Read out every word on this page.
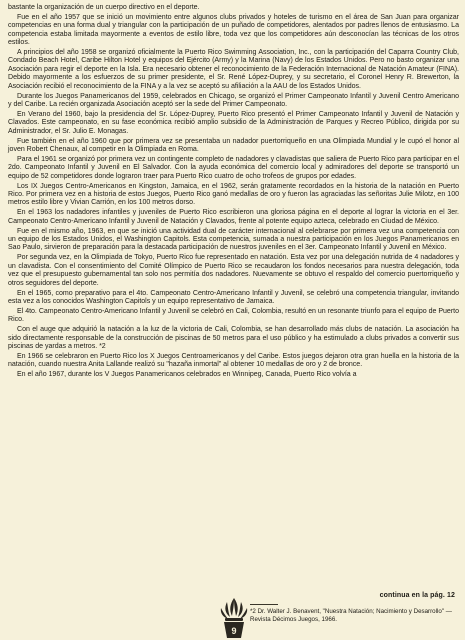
bastante la organización de un cuerpo directivo en el deporte.

Fue en el año 1957 que se inició un movimiento entre algunos clubs privados y hoteles de turismo en el área de San Juan para organizar competencias en una forma dual y triangular con la participación de un puñado de competidores, alentados por padres llenos de entusiasmo. La competencia estaba limitada mayormente a eventos de estilo libre, toda vez que los competidores aún desconocían las técnicas de los otros estilos.

A principios del año 1958 se organizó oficialmente la Puerto Rico Swimming Association, Inc., con la participación del Caparra Country Club, Condado Beach Hotel, Caribe Hilton Hotel y equipos del Ejército (Army) y la Marina (Navy) de los Estados Unidos. Pero no basto organizar una Asociación para regir el deporte en la Isla. Era necesario obtener el reconocimiento de la Federación Internacional de Natación Amateur (FINA). Debido mayormente a los esfuerzos de su primer presidente, el Sr. René López-Duprey, y su secretario, el Coronel Henry R. Brewerton, la Asociación recibió el reconocimiento de la FINA y a la vez se aceptó su afiliación a la AAU de los Estados Unidos.

Durante los Juegos Panamericanos del 1959, celebrados en Chicago, se organizó el Primer Campeonato Infantil y Juvenil Centro Americano y del Caribe. La recién organizada Asociación aceptó ser la sede del Primer Campeonato.

En Verano del 1960, bajo la presidencia del Sr. López-Duprey, Puerto Rico presentó el Primer Campeonato Infantil y Juvenil de Natación y Clavados. Este campeonato, en su fase económica recibió amplio subsidio de la Administración de Parques y Recreo Público, dirigida por su Administrador, el Sr. Julio E. Monagas.

Fue también en el año 1960 que por primera vez se presentaba un nadador puertorriqueño en una Olimpiada Mundial y le cupó el honor al joven Robert Chenaux, al competir en la Olimpiada en Roma.

Para el 1961 se organizó por primera vez un contingente completo de nadadores y clavadistas que saliera de Puerto Rico para participar en el 2do. Campeonato Infantil y Juvenil en El Salvador. Con la ayuda económica del comercio local y admiradores del deporte se transportó un equipo de 52 competidores donde lograron traer para Puerto Rico cuatro de ocho trofeos de grupos por edades.

Los IX Juegos Centro-Americanos en Kingston, Jamaica, en el 1962, serán gratamente recordados en la historia de la natación en Puerto Rico. Por primera vez en a historia de estos Juegos, Puerto Rico ganó medallas de oro y fueron las agraciadas las señoritas Julie Milotz, en 100 metros estilo libre y Vivian Carrión, en los 100 metros dorso.

En el 1963 los nadadores infantiles y juveniles de Puerto Rico escribieron una gloriosa página en el deporte al lograr la victoria en el 3er. Campeonato Centro-Americano Infantil y Juvenil de Natación y Clavados, frente al potente equipo azteca, celebrado en Ciudad de México.

Fue en el mismo año, 1963, en que se inició una actividad dual de carácter internacional al celebrarse por primera vez una competencia con un equipo de los Estados Unidos, el Washington Capitols. Esta competencia, sumada a nuestra participación en los Juegos Panamericanos en Sao Paulo, sirvieron de preparación para la destacada participación de nuestros juveniles en el 3er. Campeonato Infantil y Juvenil en México.

Por segunda vez, en la Olimpiada de Tokyo, Puerto Rico fue representado en natación. Esta vez por una delegación nutrida de 4 nadadores y un clavadista. Con el consentimiento del Comité Olímpico de Puerto Rico se recaudaron los fondos necesarios para nuestra delegación, toda vez que el presupuesto gubernamental tan solo nos permitía dos nadadores. Nuevamente se obtuvo el respaldo del comercio puertorriqueño y otros seguidores del deporte.

En el 1965, como preparativo para el 4to. Campeonato Centro-Americano Infantil y Juvenil, se celebró una competencia triangular, invitando esta vez a los conocidos Washington Capitols y un equipo representativo de Jamaica.

El 4to. Campeonato Centro-Americano Infantil y Juvenil se celebró en Cali, Colombia, resultó en un resonante triunfo para el equipo de Puerto Rico.

Con el auge que adquirió la natación a la luz de la victoria de Cali, Colombia, se han desarrollado más clubs de natación. La asociación ha sido directamente responsable de la construcción de piscinas de 50 metros para el uso público y ha estimulado a clubs privados a convertir sus piscinas de yardas a metros. *2

En 1966 se celebraron en Puerto Rico los X Juegos Centroamericanos y del Caribe. Estos juegos dejaron otra gran huella en la historia de la natación, cuando nuestra Anita Lallande realizó su "hazaña inmortal" al obtener 10 medallas de oro y 2 de bronce.

En el año 1967, durante los V Juegos Panamericanos celebrados en Winnipeg, Canada, Puerto Rico volvía a

continua en la pág. 12
9
*2 Dr. Walter J. Benavent, "Nuestra Natación; Nacimiento y Desarrollo" — Revista Décimos Juegos, 1966.
